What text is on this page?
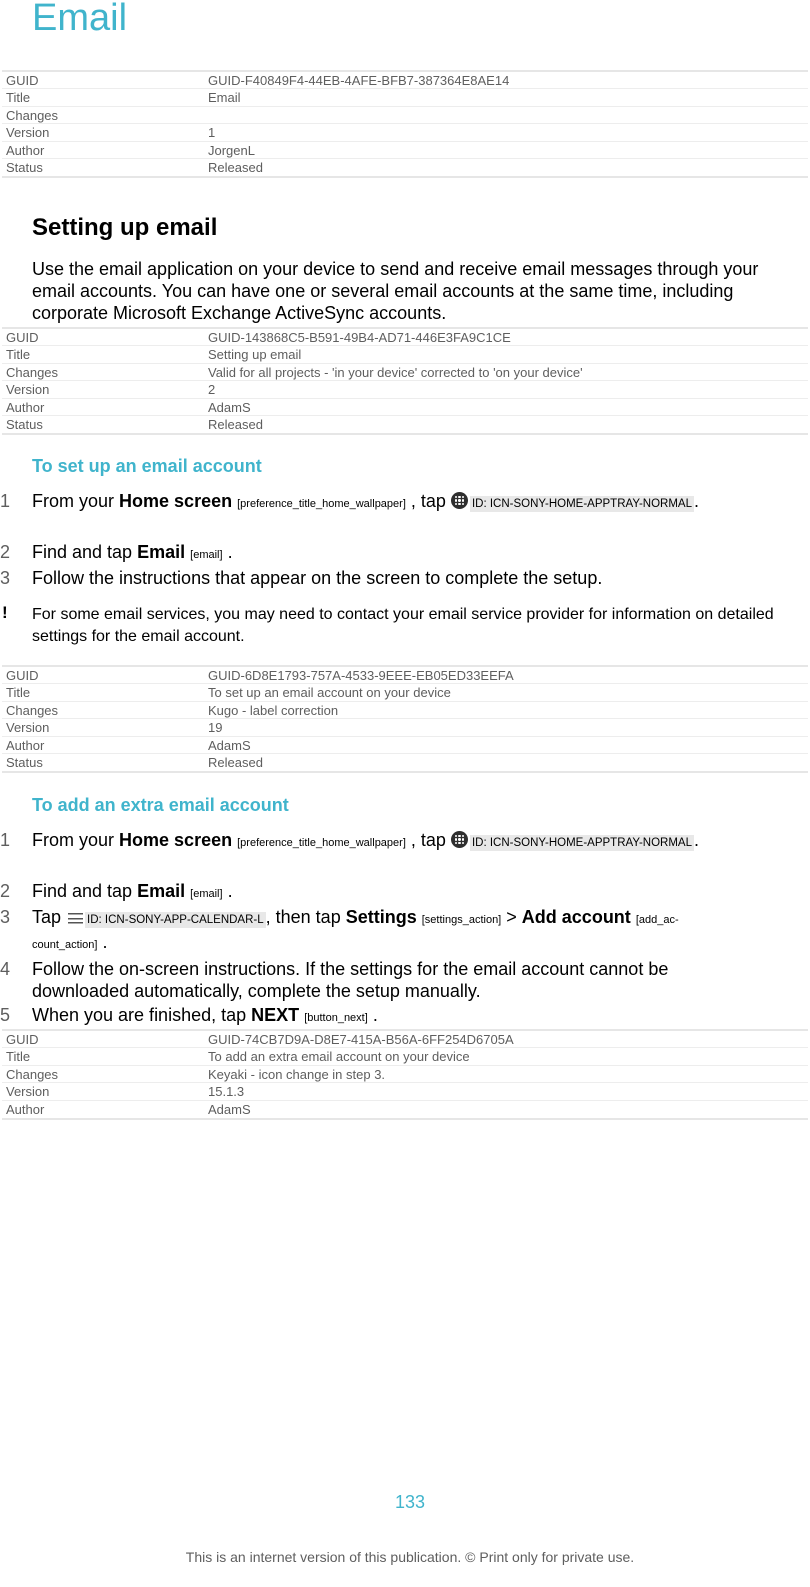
Email
GUID	GUID-F40849F4-44EB-4AFE-BFB7-387364E8AE14
Title	Email
Changes
Version	1
Author	JorgenL
Status	Released
Setting up email

Use the email application on your device to send and receive email messages through your email accounts. You can have one or several email accounts at the same time, including corporate Microsoft Exchange ActiveSync accounts.

GUID	GUID-143868C5-B591-49B4-AD71-446E3FA9C1CE
Title	Setting up email
Changes	Valid for all projects - 'in your device' corrected to 'on your device'
Version	2
Author	AdamS
Status	Released
To set up an email account
1 From your Home screen [preference_title_home_wallpaper] , tap ID: ICN-SONY-HOME-APPTRAY-NORMAL .
2 Find and tap Email [email] .
3 Follow the instructions that appear on the screen to complete the setup.
! For some email services, you may need to contact your email service provider for information on detailed settings for the email account.
GUID	GUID-6D8E1793-757A-4533-9EEE-EB05ED33EEFA
Title	To set up an email account on your device
Changes	Kugo - label correction
Version	19
Author	AdamS
Status	Released
To add an extra email account
1 From your Home screen [preference_title_home_wallpaper] , tap ID: ICN-SONY-HOME-APPTRAY-NORMAL .
2 Find and tap Email [email] .
3 Tap ID: ICN-SONY-APP-CALENDAR-L , then tap Settings [settings_action] > Add account [add_ac-count_action] .
4 Follow the on-screen instructions. If the settings for the email account cannot be downloaded automatically, complete the setup manually.
5 When you are finished, tap NEXT [button_next] .
GUID	GUID-74CB7D9A-D8E7-415A-B56A-6FF254D6705A
Title	To add an extra email account on your device
Changes	Keyaki - icon change in step 3.
Version	15.1.3
Author	AdamS
133
This is an internet version of this publication. © Print only for private use.
